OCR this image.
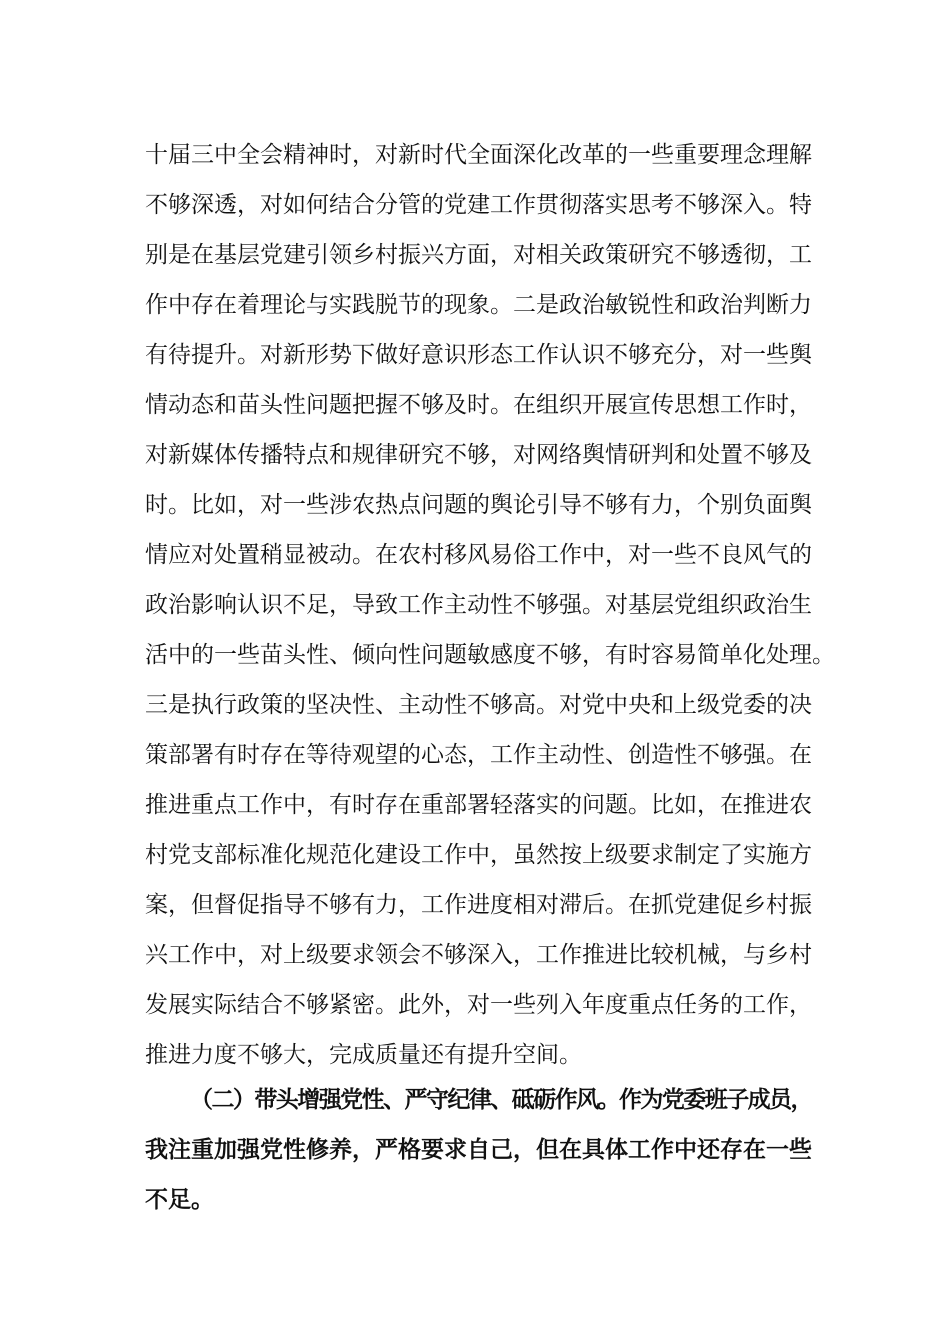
十届三中全会精神时，对新时代全面深化改革的一些重要理念理解
不够深透，对如何结合分管的党建工作贯彻落实思考不够深入。特
别是在基层党建引领乡村振兴方面，对相关政策研究不够透彻，工
作中存在着理论与实践脱节的现象。二是政治敏锐性和政治判断力
有待提升。对新形势下做好意识形态工作认识不够充分，对一些舆
情动态和苗头性问题把握不够及时。在组织开展宣传思想工作时，
对新媒体传播特点和规律研究不够，对网络舆情研判和处置不够及
时。比如，对一些涉农热点问题的舆论引导不够有力，个别负面舆
情应对处置稍显被动。在农村移风易俗工作中，对一些不良风气的
政治影响认识不足，导致工作主动性不够强。对基层党组织政治生
活中的一些苗头性、倾向性问题敏感度不够，有时容易简单化处理。
三是执行政策的坚决性、主动性不够高。对党中央和上级党委的决
策部署有时存在等待观望的心态，工作主动性、创造性不够强。在
推进重点工作中，有时存在重部署轻落实的问题。比如，在推进农
村党支部标准化规范化建设工作中，虽然按上级要求制定了实施方
案，但督促指导不够有力，工作进度相对滞后。在抓党建促乡村振
兴工作中，对上级要求领会不够深入，工作推进比较机械，与乡村
发展实际结合不够紧密。此外，对一些列入年度重点任务的工作，
推进力度不够大，完成质量还有提升空间。
（二）带头增强党性、严守纪律、砥砺作风。作为党委班子成员，
我注重加强党性修养，严格要求自己，但在具体工作中还存在一些
不足。
